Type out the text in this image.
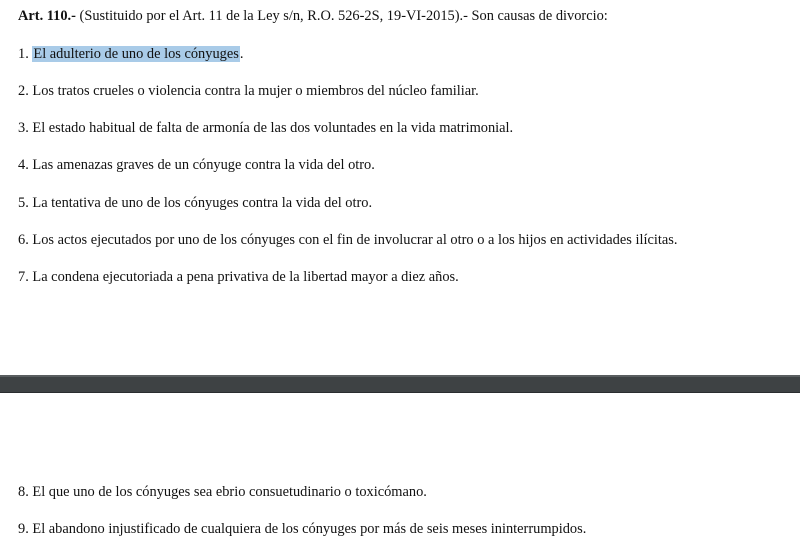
Art. 110.- (Sustituido por el Art. 11 de la Ley s/n, R.O. 526-2S, 19-VI-2015).- Son causas de divorcio:
1. El adulterio de uno de los cónyuges.
2. Los tratos crueles o violencia contra la mujer o miembros del núcleo familiar.
3. El estado habitual de falta de armonía de las dos voluntades en la vida matrimonial.
4. Las amenazas graves de un cónyuge contra la vida del otro.
5. La tentativa de uno de los cónyuges contra la vida del otro.
6. Los actos ejecutados por uno de los cónyuges con el fin de involucrar al otro o a los hijos en actividades ilícitas.
7. La condena ejecutoriada a pena privativa de la libertad mayor a diez años.
8. El que uno de los cónyuges sea ebrio consuetudinario o toxicómano.
9. El abandono injustificado de cualquiera de los cónyuges por más de seis meses ininterrumpidos.
